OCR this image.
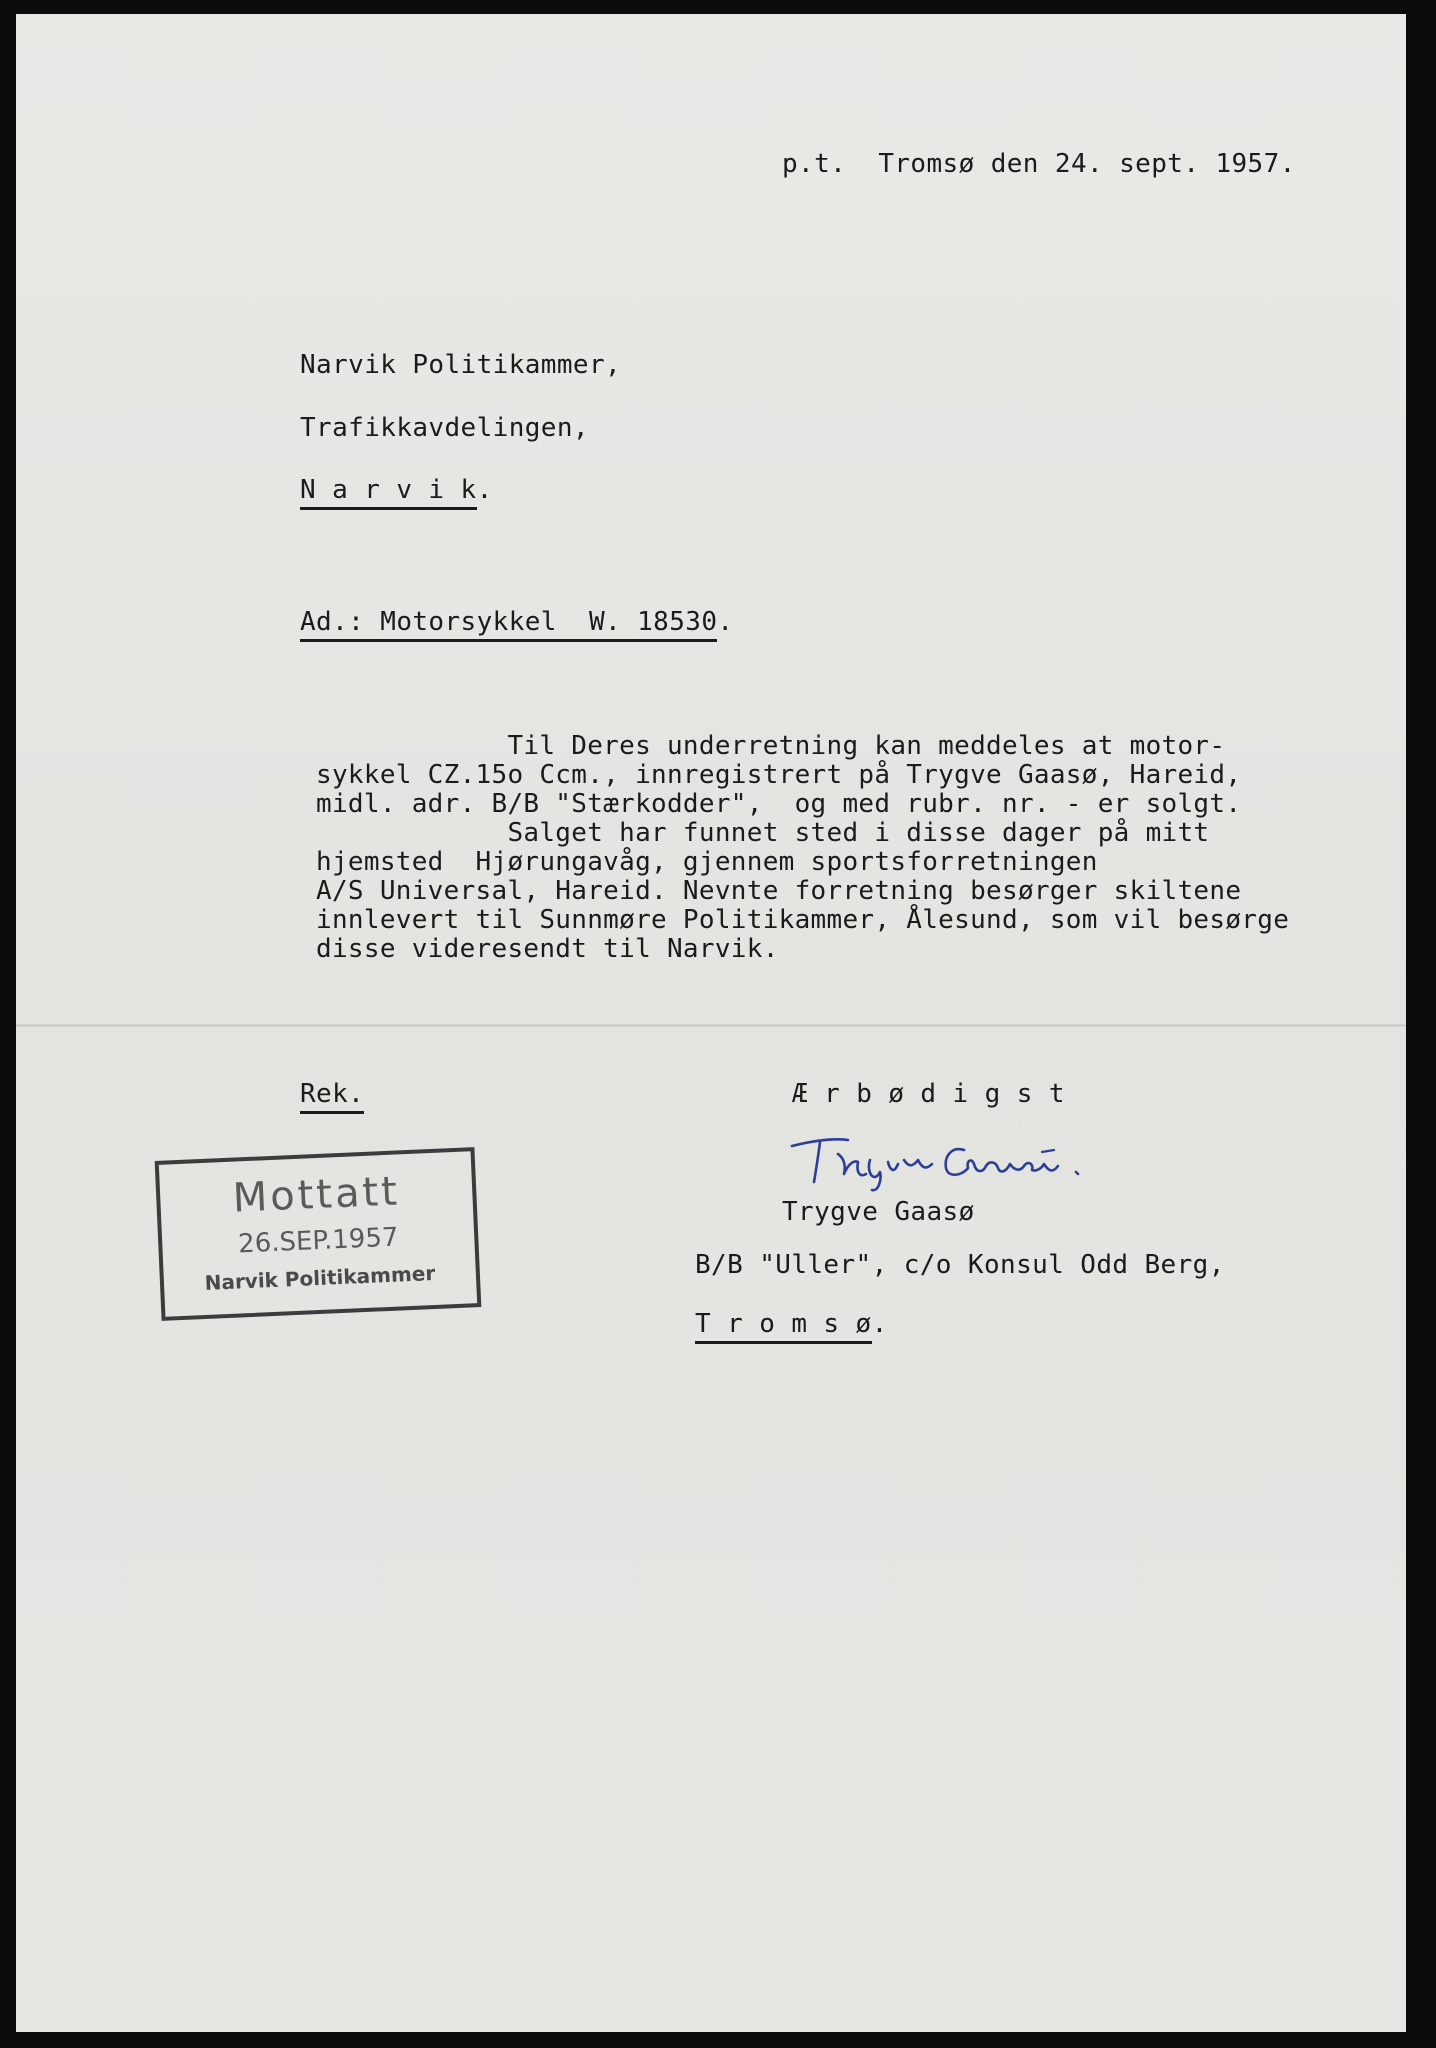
p.t.  Tromsø den 24. sept. 1957.
Narvik Politikammer,
Trafikkavdelingen,
N a r v i k.
Ad.: Motorsykkel  W. 18530.
Til Deres underretning kan meddeles at motor-
sykkel CZ.15o Ccm., innregistrert på Trygve Gaasø, Hareid,
midl. adr. B/B "Stærkodder",  og med rubr. nr. - er solgt.
Salget har funnet sted i disse dager på mitt
hjemsted  Hjørungavåg, gjennem sportsforretningen
A/S Universal, Hareid. Nevnte forretning besørger skiltene
innlevert til Sunnmøre Politikammer, Ålesund, som vil besørge
disse videresendt til Narvik.
Rek.	Æ r b ø d i g s t
Trygve Gaasø
B/B "Uller", c/o Konsul Odd Berg,
T r o m s ø.
Mottatt
26.SEP.1957
Narvik Politikammer
